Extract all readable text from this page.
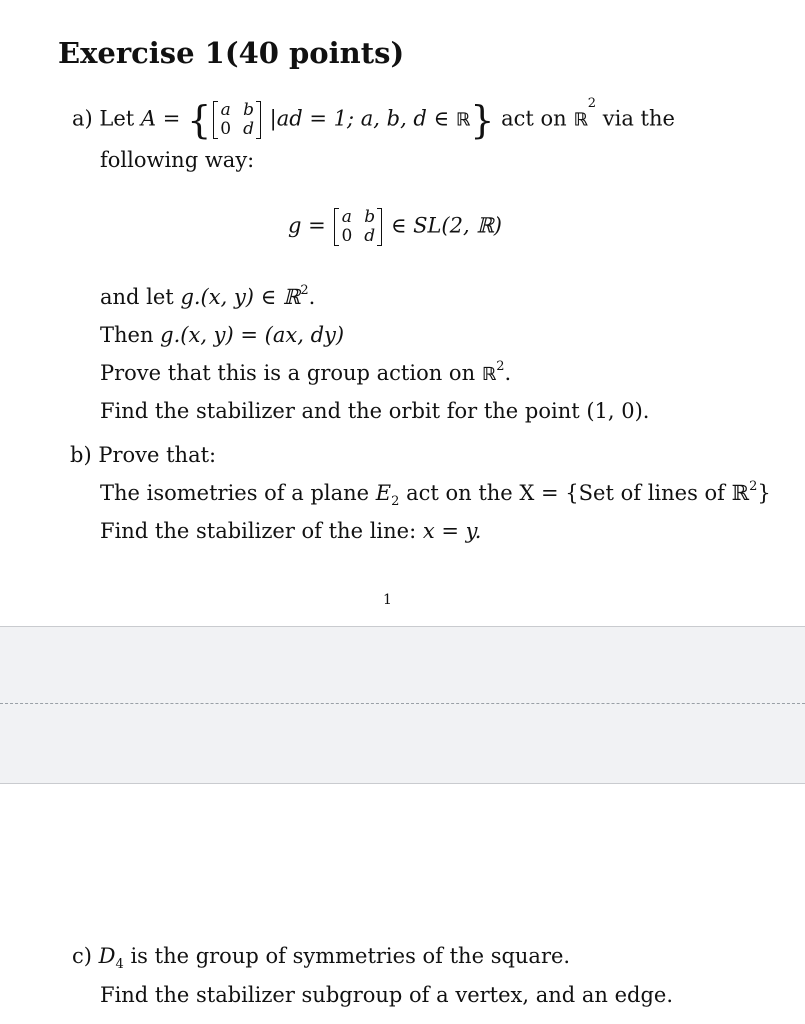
Exercise 1(40 points)
a) Let A = { a	b
0	d |ad = 1; a, b, d ∈ ℝ} act on ℝ$^2$ via the
following way:
g = a	b
0	d ∈ SL(2, ℝ)
and let g.(x, y) ∈ ℝ$^2$.
Then g.(x, y) = (ax, dy)
Prove that this is a group action on ℝ$^2$.
Find the stabilizer and the orbit for the point (1, 0).
b) Prove that:
The isometries of a plane $E_2$ act on the X = {Set of lines of ℝ$^2$}
Find the stabilizer of the line: x = y.
1
c) $D_4$ is the group of symmetries of the square.
Find the stabilizer subgroup of a vertex, and an edge.
